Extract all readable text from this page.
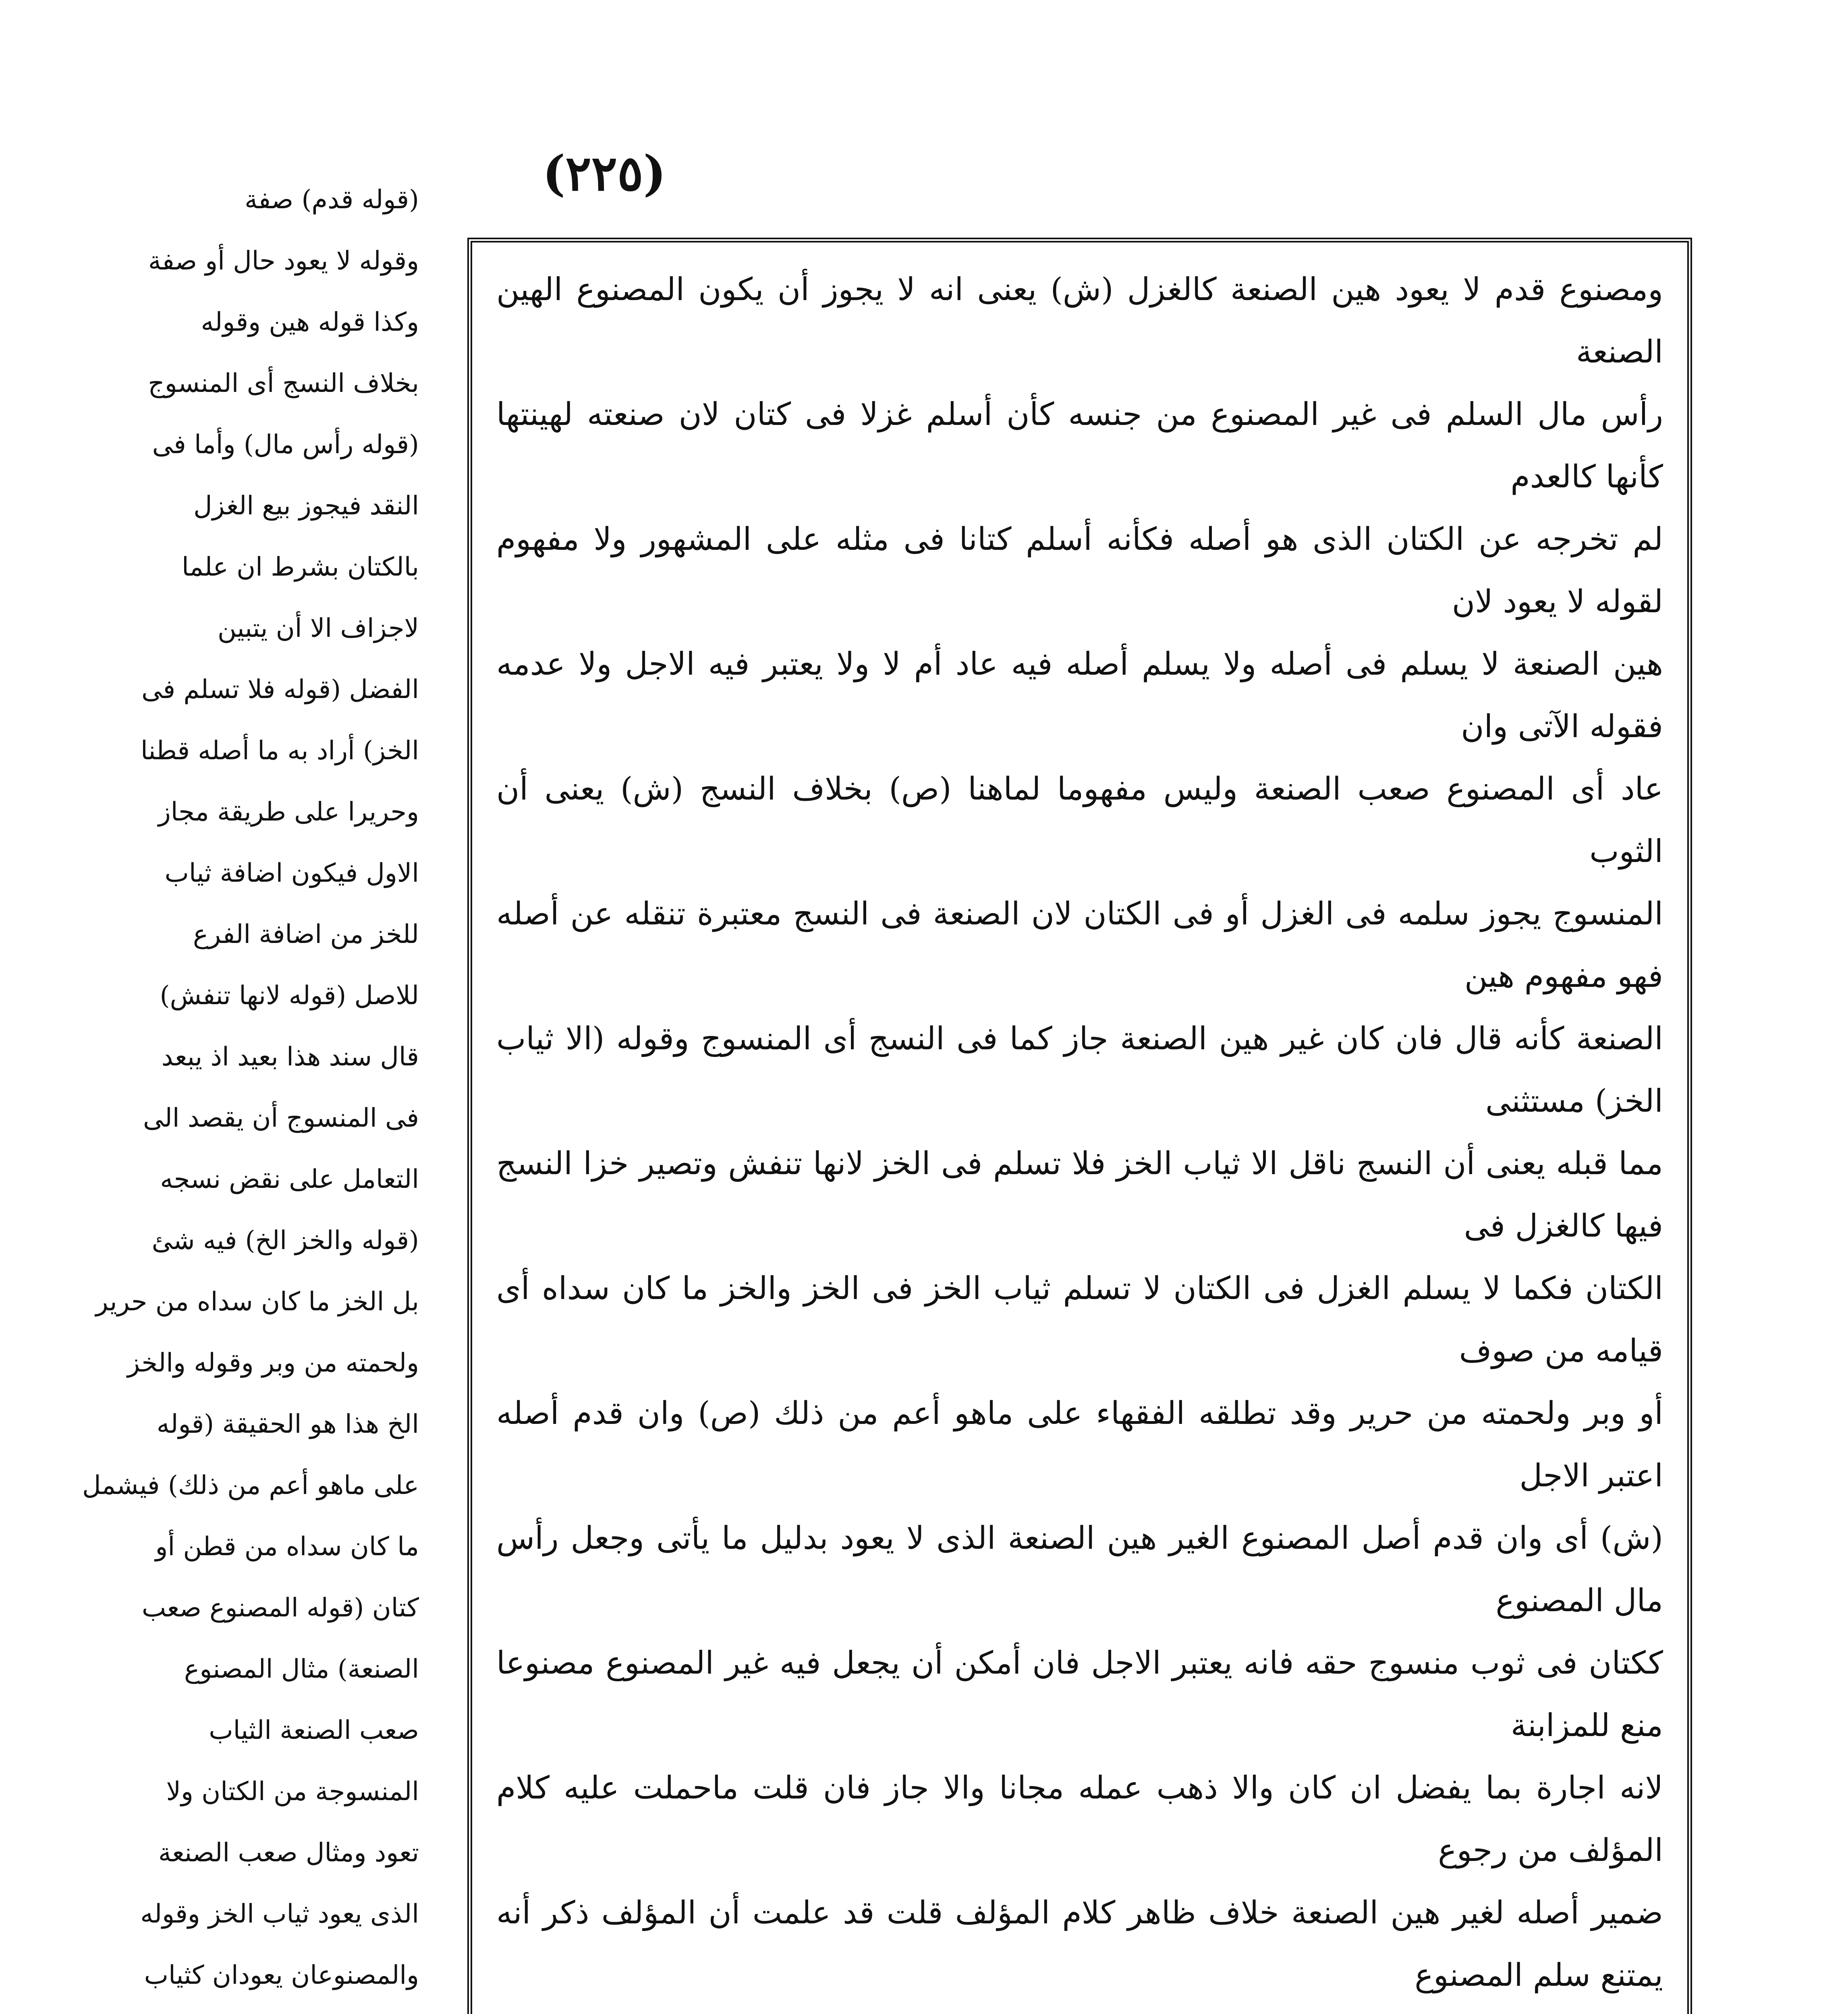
(٢٢٥)

(قوله قدم) صفة

وقوله لا يعود حال أو صفة

وكذا قوله هين وقوله

بخلاف النسج أى المنسوج

(قوله رأس مال) وأما فى

النقد فيجوز بيع الغزل

بالكتان بشرط ان علما

لاجزاف الا أن يتبين

الفضل (قوله فلا تسلم فى

الخز) أراد به ما أصله قطنا

وحريرا على طريقة مجاز

الاول فيكون اضافة ثياب

للخز من اضافة الفرع

للاصل (قوله لانها تنفش)

قال سند هذا بعيد اذ يبعد

فى المنسوج أن يقصد الى

التعامل على نقض نسجه

(قوله والخز الخ) فيه شئ

بل الخز ما كان سداه من حرير

ولحمته من وبر وقوله والخز

الخ هذا هو الحقيقة (قوله

على ماهو أعم من ذلك) فيشمل

ما كان سداه من قطن أو

كتان (قوله المصنوع صعب

الصنعة) مثال المصنوع

صعب الصنعة الثياب

المنسوجة من الكتان ولا

تعود ومثال صعب الصنعة

الذى يعود ثياب الخز وقوله

والمصنوعان يعودان كثياب

ومصنوع قدم لا يعود هين الصنعة كالغزل (ش) يعنى انه لا يجوز أن يكون المصنوع الهين الصنعة

رأس مال السلم فى غير المصنوع من جنسه كأن أسلم غزلا فى كتان لان صنعته لهينتها كأنها كالعدم

لم تخرجه عن الكتان الذى هو أصله فكأنه أسلم كتانا فى مثله على المشهور ولا مفهوم لقوله لا يعود لان

هين الصنعة لا يسلم فى أصله ولا يسلم أصله فيه عاد أم لا ولا يعتبر فيه الاجل ولا عدمه فقوله الآتى وان

عاد أى المصنوع صعب الصنعة وليس مفهوما لماهنا (ص) بخلاف النسج (ش) يعنى أن الثوب

المنسوج يجوز سلمه فى الغزل أو فى الكتان لان الصنعة فى النسج معتبرة تنقله عن أصله فهو مفهوم هين

الصنعة كأنه قال فان كان غير هين الصنعة جاز كما فى النسج أى المنسوج وقوله (الا ثياب الخز) مستثنى

مما قبله يعنى أن النسج ناقل الا ثياب الخز فلا تسلم فى الخز لانها تنفش وتصير خزا النسج فيها كالغزل فى

الكتان فكما لا يسلم الغزل فى الكتان لا تسلم ثياب الخز فى الخز والخز ما كان سداه أى قيامه من صوف

أو وبر ولحمته من حرير وقد تطلقه الفقهاء على ماهو أعم من ذلك (ص) وان قدم أصله اعتبر الاجل

(ش) أى وان قدم أصل المصنوع الغير هين الصنعة الذى لا يعود بدليل ما يأتى وجعل رأس مال المصنوع

ككتان فى ثوب منسوج حقه فانه يعتبر الاجل فان أمكن أن يجعل فيه غير المصنوع مصنوعا منع للمزابنة

لانه اجارة بما يفضل ان كان والا ذهب عمله مجانا والا جاز فان قلت ماحملت عليه كلام المؤلف من رجوع

ضمير أصله لغير هين الصنعة خلاف ظاهر كلام المؤلف قلت قد علمت أن المؤلف ذكر أنه يمتنع سلم المصنوع
